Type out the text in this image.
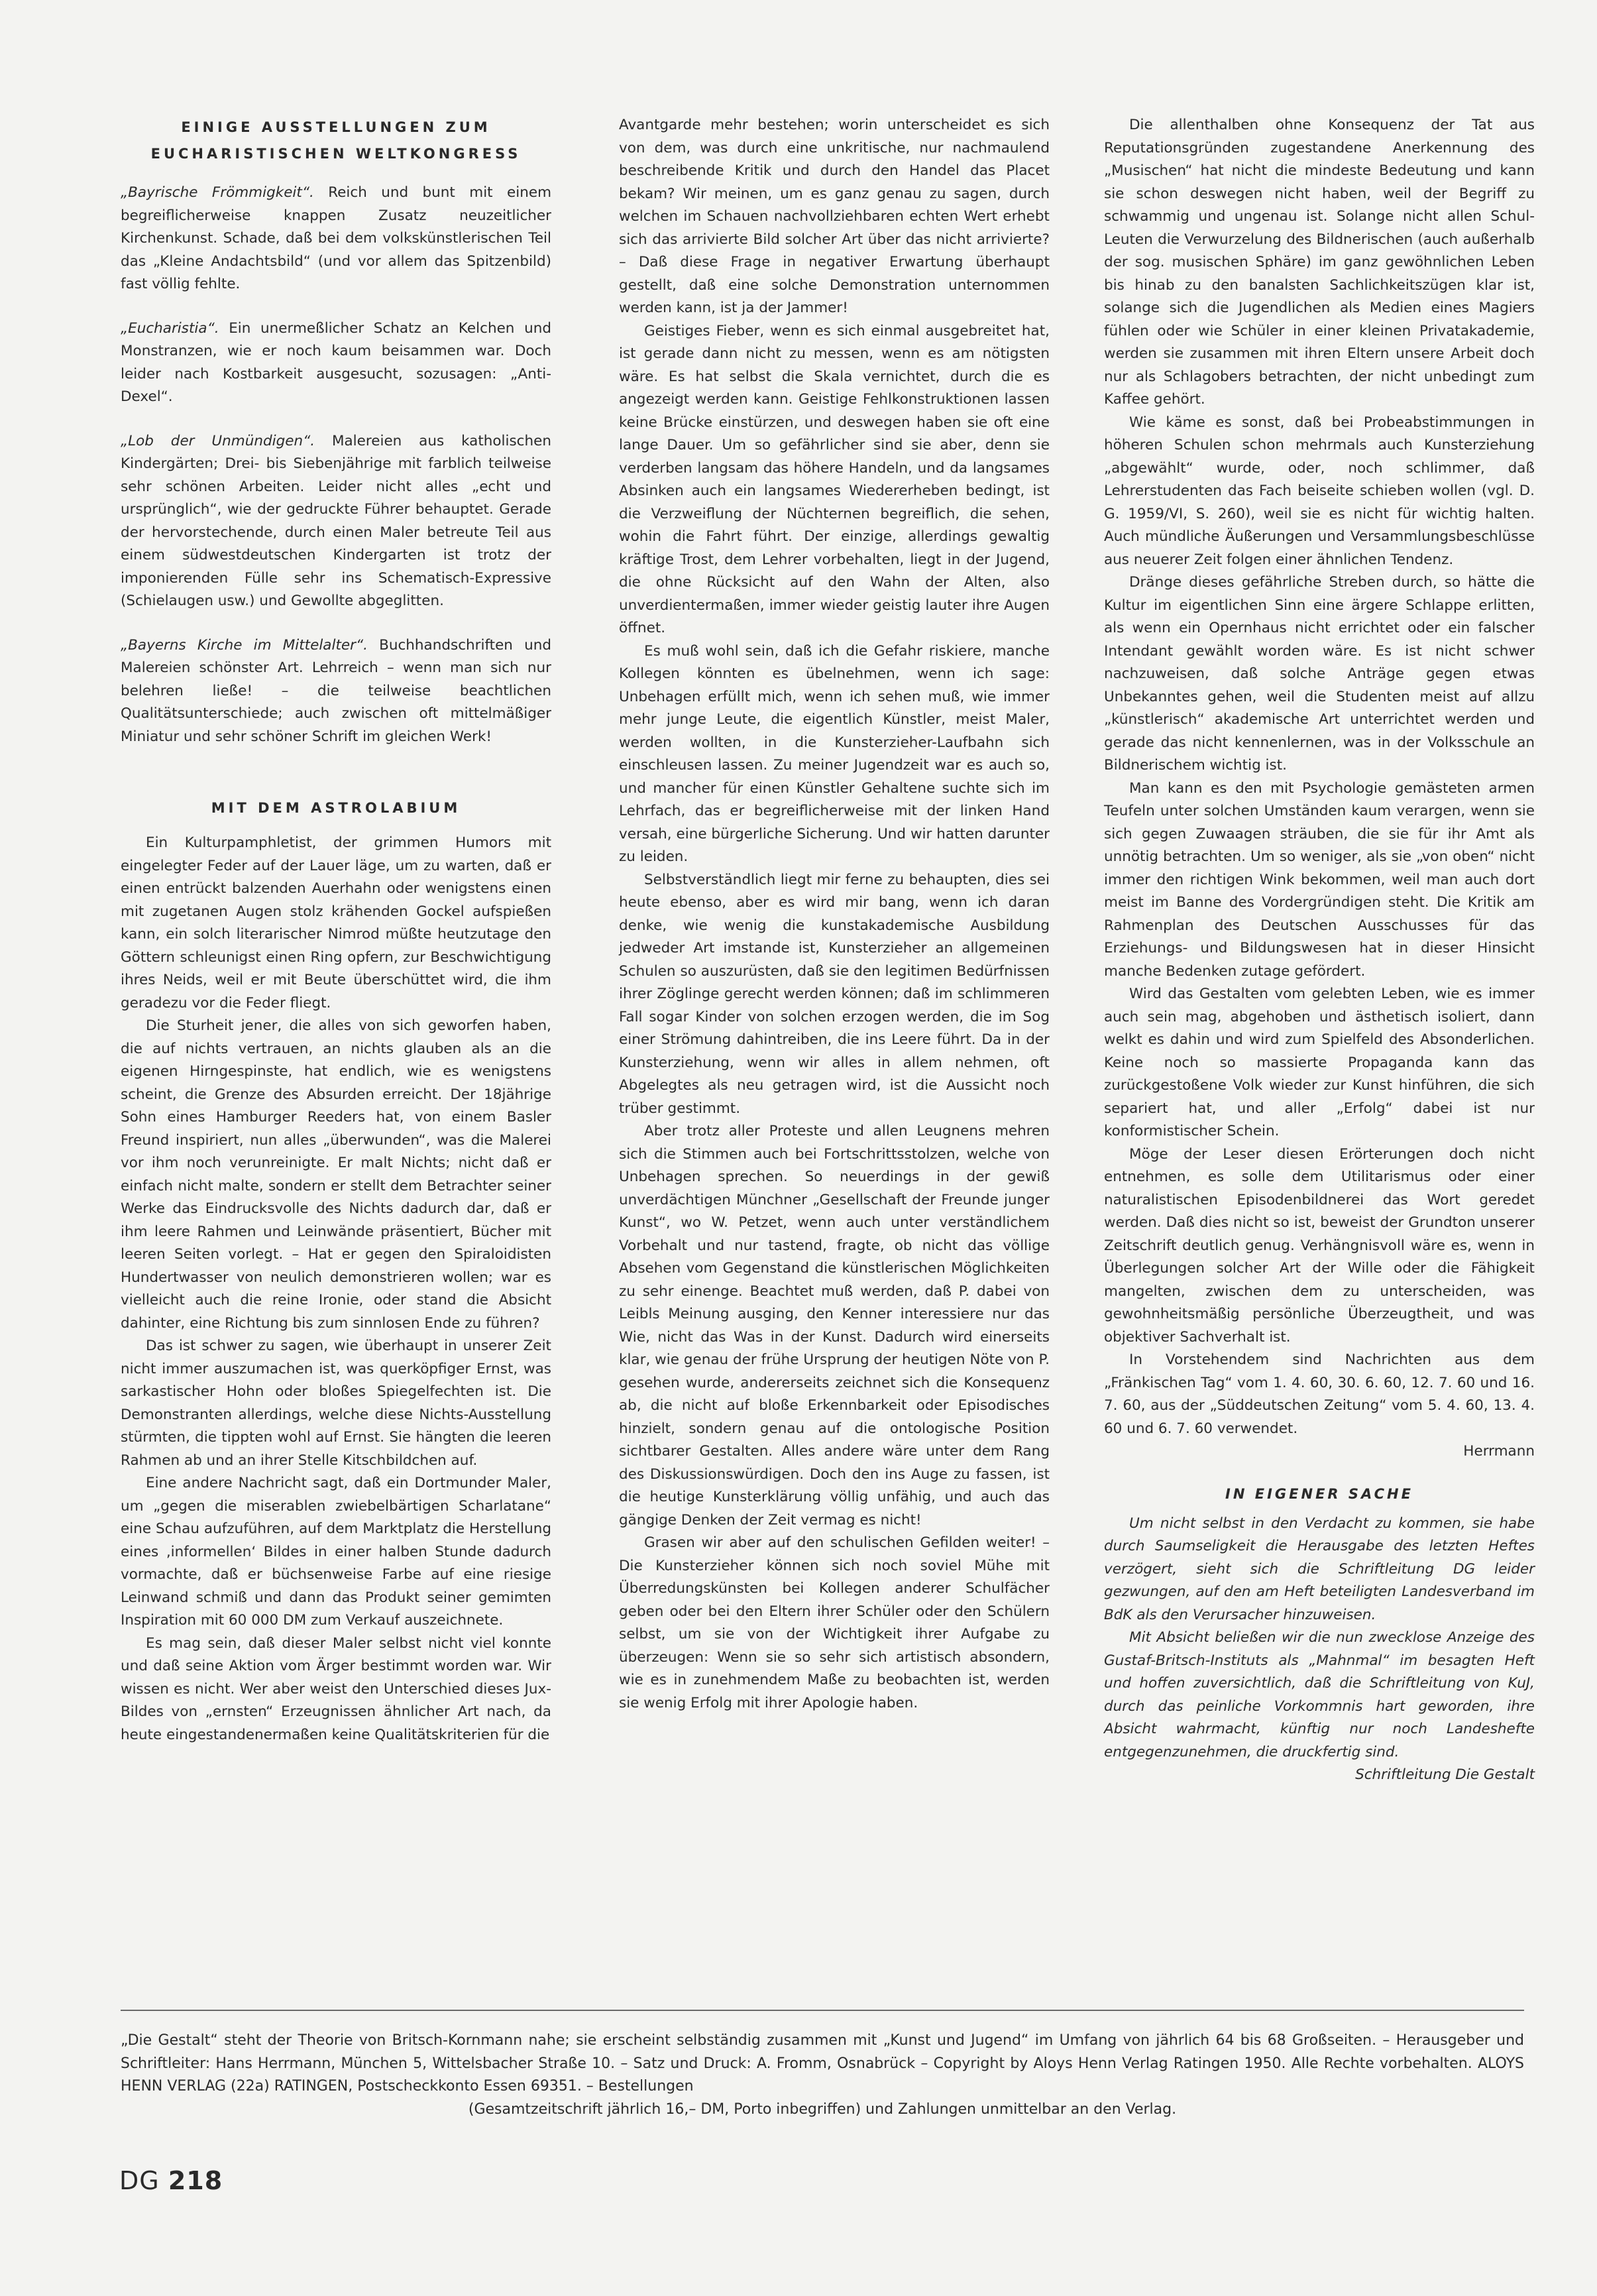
EINIGE AUSSTELLUNGEN ZUM
EUCHARISTISCHEN WELTKONGRESS

„Bayrische Frömmigkeit“. Reich und bunt mit einem begreiflicherweise knappen Zusatz neuzeitlicher Kirchenkunst. Schade, daß bei dem volkskünstlerischen Teil das „Kleine Andachtsbild“ (und vor allem das Spitzenbild) fast völlig fehlte.

„Eucharistia“. Ein unermeßlicher Schatz an Kelchen und Monstranzen, wie er noch kaum beisammen war. Doch leider nach Kostbarkeit ausgesucht, sozusagen: „Anti-Dexel“.

„Lob der Unmündigen“. Malereien aus katholischen Kindergärten; Drei- bis Siebenjährige mit farblich teilweise sehr schönen Arbeiten. Leider nicht alles „echt und ursprünglich“, wie der gedruckte Führer behauptet. Gerade der hervorstechende, durch einen Maler betreute Teil aus einem südwestdeutschen Kindergarten ist trotz der imponierenden Fülle sehr ins Schematisch-Expressive (Schielaugen usw.) und Gewollte abgeglitten.

„Bayerns Kirche im Mittelalter“. Buchhandschriften und Malereien schönster Art. Lehrreich – wenn man sich nur belehren ließe! – die teilweise beachtlichen Qualitätsunterschiede; auch zwischen oft mittelmäßiger Miniatur und sehr schöner Schrift im gleichen Werk!

MIT DEM ASTROLABIUM

Ein Kulturpamphletist, der grimmen Humors mit eingelegter Feder auf der Lauer läge, um zu warten, daß er einen entrückt balzenden Auerhahn oder wenigstens einen mit zugetanen Augen stolz krähenden Gockel aufspießen kann, ein solch literarischer Nimrod müßte heutzutage den Göttern schleunigst einen Ring opfern, zur Beschwichtigung ihres Neids, weil er mit Beute überschüttet wird, die ihm geradezu vor die Feder fliegt.

Die Sturheit jener, die alles von sich geworfen haben, die auf nichts vertrauen, an nichts glauben als an die eigenen Hirngespinste, hat endlich, wie es wenigstens scheint, die Grenze des Absurden erreicht. Der 18jährige Sohn eines Hamburger Reeders hat, von einem Basler Freund inspiriert, nun alles „überwunden“, was die Malerei vor ihm noch verunreinigte. Er malt Nichts; nicht daß er einfach nicht malte, sondern er stellt dem Betrachter seiner Werke das Eindrucksvolle des Nichts dadurch dar, daß er ihm leere Rahmen und Leinwände präsentiert, Bücher mit leeren Seiten vorlegt. – Hat er gegen den Spiraloidisten Hundertwasser von neulich demonstrieren wollen; war es vielleicht auch die reine Ironie, oder stand die Absicht dahinter, eine Richtung bis zum sinnlosen Ende zu führen?

Das ist schwer zu sagen, wie überhaupt in unserer Zeit nicht immer auszumachen ist, was querköpfiger Ernst, was sarkastischer Hohn oder bloßes Spiegelfechten ist. Die Demonstranten allerdings, welche diese Nichts-Ausstellung stürmten, die tippten wohl auf Ernst. Sie hängten die leeren Rahmen ab und an ihrer Stelle Kitschbildchen auf.

Eine andere Nachricht sagt, daß ein Dortmunder Maler, um „gegen die miserablen zwiebelbärtigen Scharlatane“ eine Schau aufzuführen, auf dem Marktplatz die Herstellung eines ‚informellen‘ Bildes in einer halben Stunde dadurch vormachte, daß er büchsenweise Farbe auf eine riesige Leinwand schmiß und dann das Produkt seiner gemimten Inspiration mit 60 000 DM zum Verkauf auszeichnete.

Es mag sein, daß dieser Maler selbst nicht viel konnte und daß seine Aktion vom Ärger bestimmt worden war. Wir wissen es nicht. Wer aber weist den Unterschied dieses Jux-Bildes von „ernsten“ Erzeugnissen ähnlicher Art nach, da heute eingestandenermaßen keine Qualitätskriterien für die

Avantgarde mehr bestehen; worin unterscheidet es sich von dem, was durch eine unkritische, nur nachmaulend beschreibende Kritik und durch den Handel das Placet bekam? Wir meinen, um es ganz genau zu sagen, durch welchen im Schauen nachvollziehbaren echten Wert erhebt sich das arrivierte Bild solcher Art über das nicht arrivierte? – Daß diese Frage in negativer Erwartung überhaupt gestellt, daß eine solche Demonstration unternommen werden kann, ist ja der Jammer!

Geistiges Fieber, wenn es sich einmal ausgebreitet hat, ist gerade dann nicht zu messen, wenn es am nötigsten wäre. Es hat selbst die Skala vernichtet, durch die es angezeigt werden kann. Geistige Fehlkonstruktionen lassen keine Brücke einstürzen, und deswegen haben sie oft eine lange Dauer. Um so gefährlicher sind sie aber, denn sie verderben langsam das höhere Handeln, und da langsames Absinken auch ein langsames Wiedererheben bedingt, ist die Verzweiflung der Nüchternen begreiflich, die sehen, wohin die Fahrt führt. Der einzige, allerdings gewaltig kräftige Trost, dem Lehrer vorbehalten, liegt in der Jugend, die ohne Rücksicht auf den Wahn der Alten, also unverdientermaßen, immer wieder geistig lauter ihre Augen öffnet.

Es muß wohl sein, daß ich die Gefahr riskiere, manche Kollegen könnten es übelnehmen, wenn ich sage: Unbehagen erfüllt mich, wenn ich sehen muß, wie immer mehr junge Leute, die eigentlich Künstler, meist Maler, werden wollten, in die Kunsterzieher-Laufbahn sich einschleusen lassen. Zu meiner Jugendzeit war es auch so, und mancher für einen Künstler Gehaltene suchte sich im Lehrfach, das er begreiflicherweise mit der linken Hand versah, eine bürgerliche Sicherung. Und wir hatten darunter zu leiden.

Selbstverständlich liegt mir ferne zu behaupten, dies sei heute ebenso, aber es wird mir bang, wenn ich daran denke, wie wenig die kunstakademische Ausbildung jedweder Art imstande ist, Kunsterzieher an allgemeinen Schulen so auszurüsten, daß sie den legitimen Bedürfnissen ihrer Zöglinge gerecht werden können; daß im schlimmeren Fall sogar Kinder von solchen erzogen werden, die im Sog einer Strömung dahintreiben, die ins Leere führt. Da in der Kunsterziehung, wenn wir alles in allem nehmen, oft Abgelegtes als neu getragen wird, ist die Aussicht noch trüber gestimmt.

Aber trotz aller Proteste und allen Leugnens mehren sich die Stimmen auch bei Fortschrittsstolzen, welche von Unbehagen sprechen. So neuerdings in der gewiß unverdächtigen Münchner „Gesellschaft der Freunde junger Kunst“, wo W. Petzet, wenn auch unter verständlichem Vorbehalt und nur tastend, fragte, ob nicht das völlige Absehen vom Gegenstand die künstlerischen Möglichkeiten zu sehr einenge. Beachtet muß werden, daß P. dabei von Leibls Meinung ausging, den Kenner interessiere nur das Wie, nicht das Was in der Kunst. Dadurch wird einerseits klar, wie genau der frühe Ursprung der heutigen Nöte von P. gesehen wurde, andererseits zeichnet sich die Konsequenz ab, die nicht auf bloße Erkennbarkeit oder Episodisches hinzielt, sondern genau auf die ontologische Position sichtbarer Gestalten. Alles andere wäre unter dem Rang des Diskussionswürdigen. Doch den ins Auge zu fassen, ist die heutige Kunsterklärung völlig unfähig, und auch das gängige Denken der Zeit vermag es nicht!

Grasen wir aber auf den schulischen Gefilden weiter! – Die Kunsterzieher können sich noch soviel Mühe mit Überredungskünsten bei Kollegen anderer Schulfächer geben oder bei den Eltern ihrer Schüler oder den Schülern selbst, um sie von der Wichtigkeit ihrer Aufgabe zu überzeugen: Wenn sie so sehr sich artistisch absondern, wie es in zunehmendem Maße zu beobachten ist, werden sie wenig Erfolg mit ihrer Apologie haben.

Die allenthalben ohne Konsequenz der Tat aus Reputationsgründen zugestandene Anerkennung des „Musischen“ hat nicht die mindeste Bedeutung und kann sie schon deswegen nicht haben, weil der Begriff zu schwammig und ungenau ist. Solange nicht allen Schul-Leuten die Verwurzelung des Bildnerischen (auch außerhalb der sog. musischen Sphäre) im ganz gewöhnlichen Leben bis hinab zu den banalsten Sachlichkeitszügen klar ist, solange sich die Jugendlichen als Medien eines Magiers fühlen oder wie Schüler in einer kleinen Privatakademie, werden sie zusammen mit ihren Eltern unsere Arbeit doch nur als Schlagobers betrachten, der nicht unbedingt zum Kaffee gehört.

Wie käme es sonst, daß bei Probeabstimmungen in höheren Schulen schon mehrmals auch Kunsterziehung „abgewählt“ wurde, oder, noch schlimmer, daß Lehrerstudenten das Fach beiseite schieben wollen (vgl. D. G. 1959/VI, S. 260), weil sie es nicht für wichtig halten. Auch mündliche Äußerungen und Versammlungsbeschlüsse aus neuerer Zeit folgen einer ähnlichen Tendenz.

Dränge dieses gefährliche Streben durch, so hätte die Kultur im eigentlichen Sinn eine ärgere Schlappe erlitten, als wenn ein Opernhaus nicht errichtet oder ein falscher Intendant gewählt worden wäre. Es ist nicht schwer nachzuweisen, daß solche Anträge gegen etwas Unbekanntes gehen, weil die Studenten meist auf allzu „künstlerisch“ akademische Art unterrichtet werden und gerade das nicht kennenlernen, was in der Volksschule an Bildnerischem wichtig ist.

Man kann es den mit Psychologie gemästeten armen Teufeln unter solchen Umständen kaum verargen, wenn sie sich gegen Zuwaagen sträuben, die sie für ihr Amt als unnötig betrachten. Um so weniger, als sie „von oben“ nicht immer den richtigen Wink bekommen, weil man auch dort meist im Banne des Vordergründigen steht. Die Kritik am Rahmenplan des Deutschen Ausschusses für das Erziehungs- und Bildungswesen hat in dieser Hinsicht manche Bedenken zutage gefördert.

Wird das Gestalten vom gelebten Leben, wie es immer auch sein mag, abgehoben und ästhetisch isoliert, dann welkt es dahin und wird zum Spielfeld des Absonderlichen. Keine noch so massierte Propaganda kann das zurückgestoßene Volk wieder zur Kunst hinführen, die sich separiert hat, und aller „Erfolg“ dabei ist nur konformistischer Schein.

Möge der Leser diesen Erörterungen doch nicht entnehmen, es solle dem Utilitarismus oder einer naturalistischen Episodenbildnerei das Wort geredet werden. Daß dies nicht so ist, beweist der Grundton unserer Zeitschrift deutlich genug. Verhängnisvoll wäre es, wenn in Überlegungen solcher Art der Wille oder die Fähigkeit mangelten, zwischen dem zu unterscheiden, was gewohnheitsmäßig persönliche Überzeugtheit, und was objektiver Sachverhalt ist.

In Vorstehendem sind Nachrichten aus dem „Fränkischen Tag“ vom 1. 4. 60, 30. 6. 60, 12. 7. 60 und 16. 7. 60, aus der „Süddeutschen Zeitung“ vom 5. 4. 60, 13. 4. 60 und 6. 7. 60 verwendet.

Herrmann

IN EIGENER SACHE

Um nicht selbst in den Verdacht zu kommen, sie habe durch Saumseligkeit die Herausgabe des letzten Heftes verzögert, sieht sich die Schriftleitung DG leider gezwungen, auf den am Heft beteiligten Landesverband im BdK als den Verursacher hinzuweisen.

Mit Absicht beließen wir die nun zwecklose Anzeige des Gustaf-Britsch-Instituts als „Mahnmal“ im besagten Heft und hoffen zuversichtlich, daß die Schriftleitung von KuJ, durch das peinliche Vorkommnis hart geworden, ihre Absicht wahrmacht, künftig nur noch Landeshefte entgegenzunehmen, die druckfertig sind.

Schriftleitung Die Gestalt

„Die Gestalt“ steht der Theorie von Britsch-Kornmann nahe; sie erscheint selbständig zusammen mit „Kunst und Jugend“ im Umfang von jährlich 64 bis 68 Großseiten. – Herausgeber und Schriftleiter: Hans Herrmann, München 5, Wittelsbacher Straße 10. – Satz und Druck: A. Fromm, Osnabrück – Copyright by Aloys Henn Verlag Ratingen 1950. Alle Rechte vorbehalten. ALOYS HENN VERLAG (22a) RATINGEN, Postscheckkonto Essen 69351. – Bestellungen
(Gesamtzeitschrift jährlich 16,– DM, Porto inbegriffen) und Zahlungen unmittelbar an den Verlag.
DG 218
